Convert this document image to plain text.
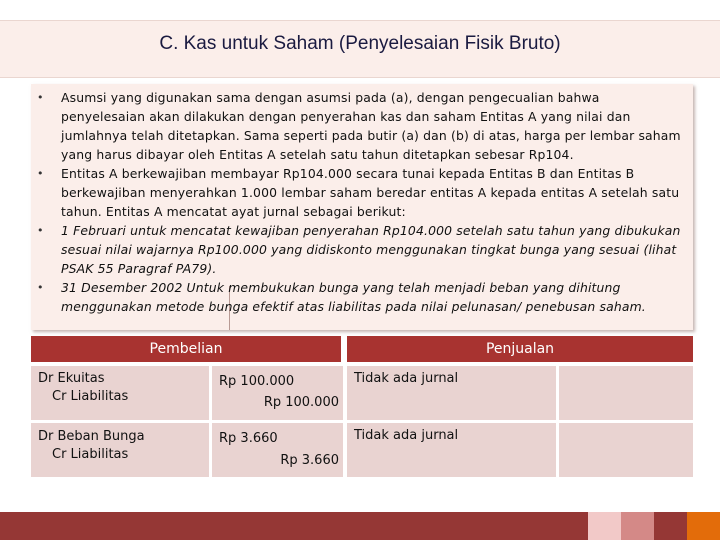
C. Kas untuk Saham (Penyelesaian Fisik Bruto)
• Asumsi yang digunakan sama dengan asumsi pada (a), dengan pengecualian bahwa penyelesaian akan dilakukan dengan penyerahan kas dan saham Entitas A yang nilai dan jumlahnya telah ditetapkan. Sama seperti pada butir (a) dan (b) di atas, harga per lembar saham yang harus dibayar oleh Entitas A setelah satu tahun ditetapkan sebesar Rp104.
• Entitas A berkewajiban membayar Rp104.000 secara tunai kepada Entitas B dan Entitas B berkewajiban menyerahkan 1.000 lembar saham beredar entitas A kepada entitas A setelah satu tahun. Entitas A mencatat ayat jurnal sebagai berikut:
• 1 Februari untuk mencatat kewajiban penyerahan Rp104.000 setelah satu tahun yang dibukukan sesuai nilai wajarnya Rp100.000 yang didiskonto menggunakan tingkat bunga yang sesuai (lihat PSAK 55 Paragraf PA79).
• 31 Desember 2002 Untuk membukukan bunga yang telah menjadi beban yang dihitung menggunakan metode bunga efektif atas liabilitas pada nilai pelunasan/ penebusan saham.
Pembelian	Penjualan
Dr Ekuitas
Cr Liabilitas
Rp 100.000
Rp 100.000
Tidak ada jurnal
Dr Beban Bunga
Cr Liabilitas
Rp 3.660
Rp 3.660
Tidak ada jurnal
